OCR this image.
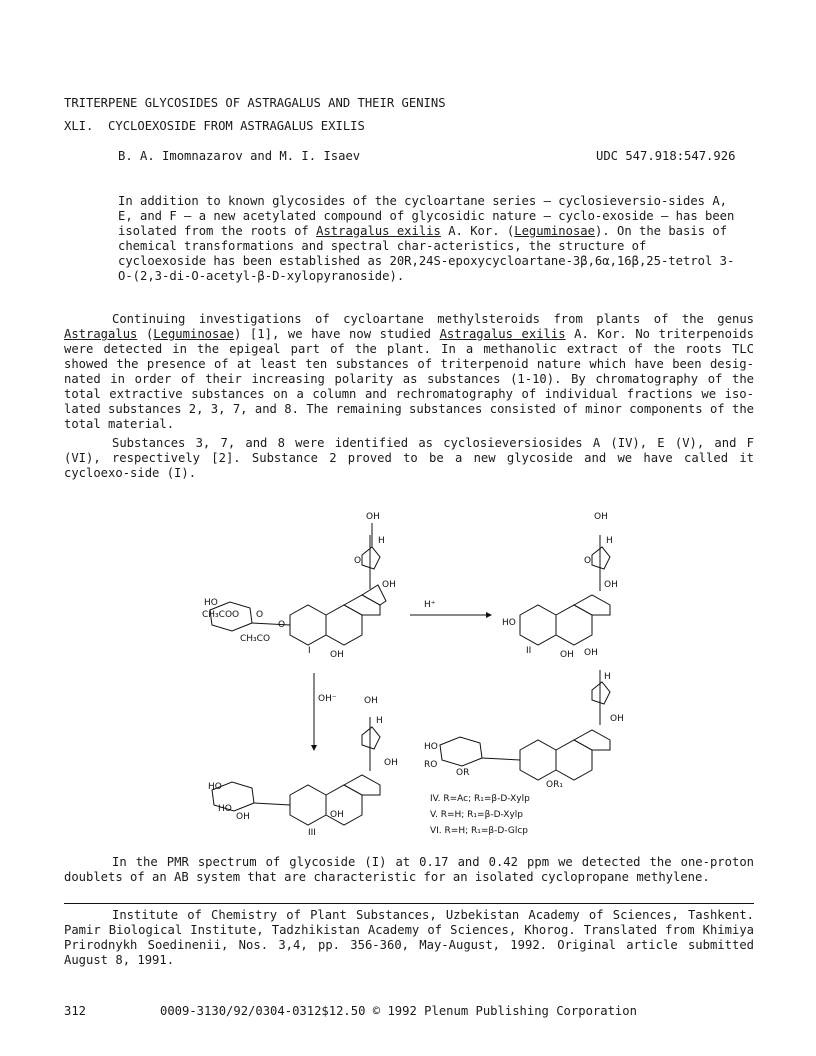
TRITERPENE GLYCOSIDES OF ASTRAGALUS AND THEIR GENINS
XLI.  CYCLOEXOSIDE FROM ASTRAGALUS EXILIS
B. A. Imomnazarov and M. I. Isaev	UDC 547.918:547.926

In addition to known glycosides of the cycloartane series – cyclosieversio-sides A, E, and F – a new acetylated compound of glycosidic nature – cyclo-exoside – has been isolated from the roots of Astragalus exilis A. Kor. (Leguminosae). On the basis of chemical transformations and spectral char-acteristics, the structure of cycloexoside has been established as 20R,24S-epoxycycloartane-3β,6α,16β,25-tetrol 3-O-(2,3-di-O-acetyl-β-D-xylopyranoside).

Continuing investigations of cycloartane methylsteroids from plants of the genus Astragalus (Leguminosae) [1], we have now studied Astragalus exilis A. Kor. No triterpenoids were detected in the epigeal part of the plant. In a methanolic extract of the roots TLC showed the presence of at least ten substances of triterpenoid nature which have been desig-nated in order of their increasing polarity as substances (1-10). By chromatography of the total extractive substances on a column and rechromatography of individual fractions we iso-lated substances 2, 3, 7, and 8. The remaining substances consisted of minor components of the total material.

Substances 3, 7, and 8 were identified as cyclosieversiosides A (IV), E (V), and F (VI), respectively [2]. Substance 2 proved to be a new glycoside and we have called it cycloexo-side (I).

OH
H
O
OH
O
O
HO
CH₃COO
CH₃CO
OH
I
H⁺
OH
H
O
OH
HO
OH
II
OH⁻	OH
H
OH
HO
HO
OH	OH
III
OH
H
OH
HO
RO
OR
OR₁
IV. R=Ac; R₁=β-D-Xylp
V. R=H; R₁=β-D-Xylp
VI. R=H; R₁=β-D-Glcp

In the PMR spectrum of glycoside (I) at 0.17 and 0.42 ppm we detected the one-proton doublets of an AB system that are characteristic for an isolated cyclopropane methylene.

Institute of Chemistry of Plant Substances, Uzbekistan Academy of Sciences, Tashkent. Pamir Biological Institute, Tadzhikistan Academy of Sciences, Khorog. Translated from Khimiya Prirodnykh Soedinenii, Nos. 3,4, pp. 356-360, May-August, 1992. Original article submitted August 8, 1991.

312	0009-3130/92/0304-0312$12.50 © 1992 Plenum Publishing Corporation
